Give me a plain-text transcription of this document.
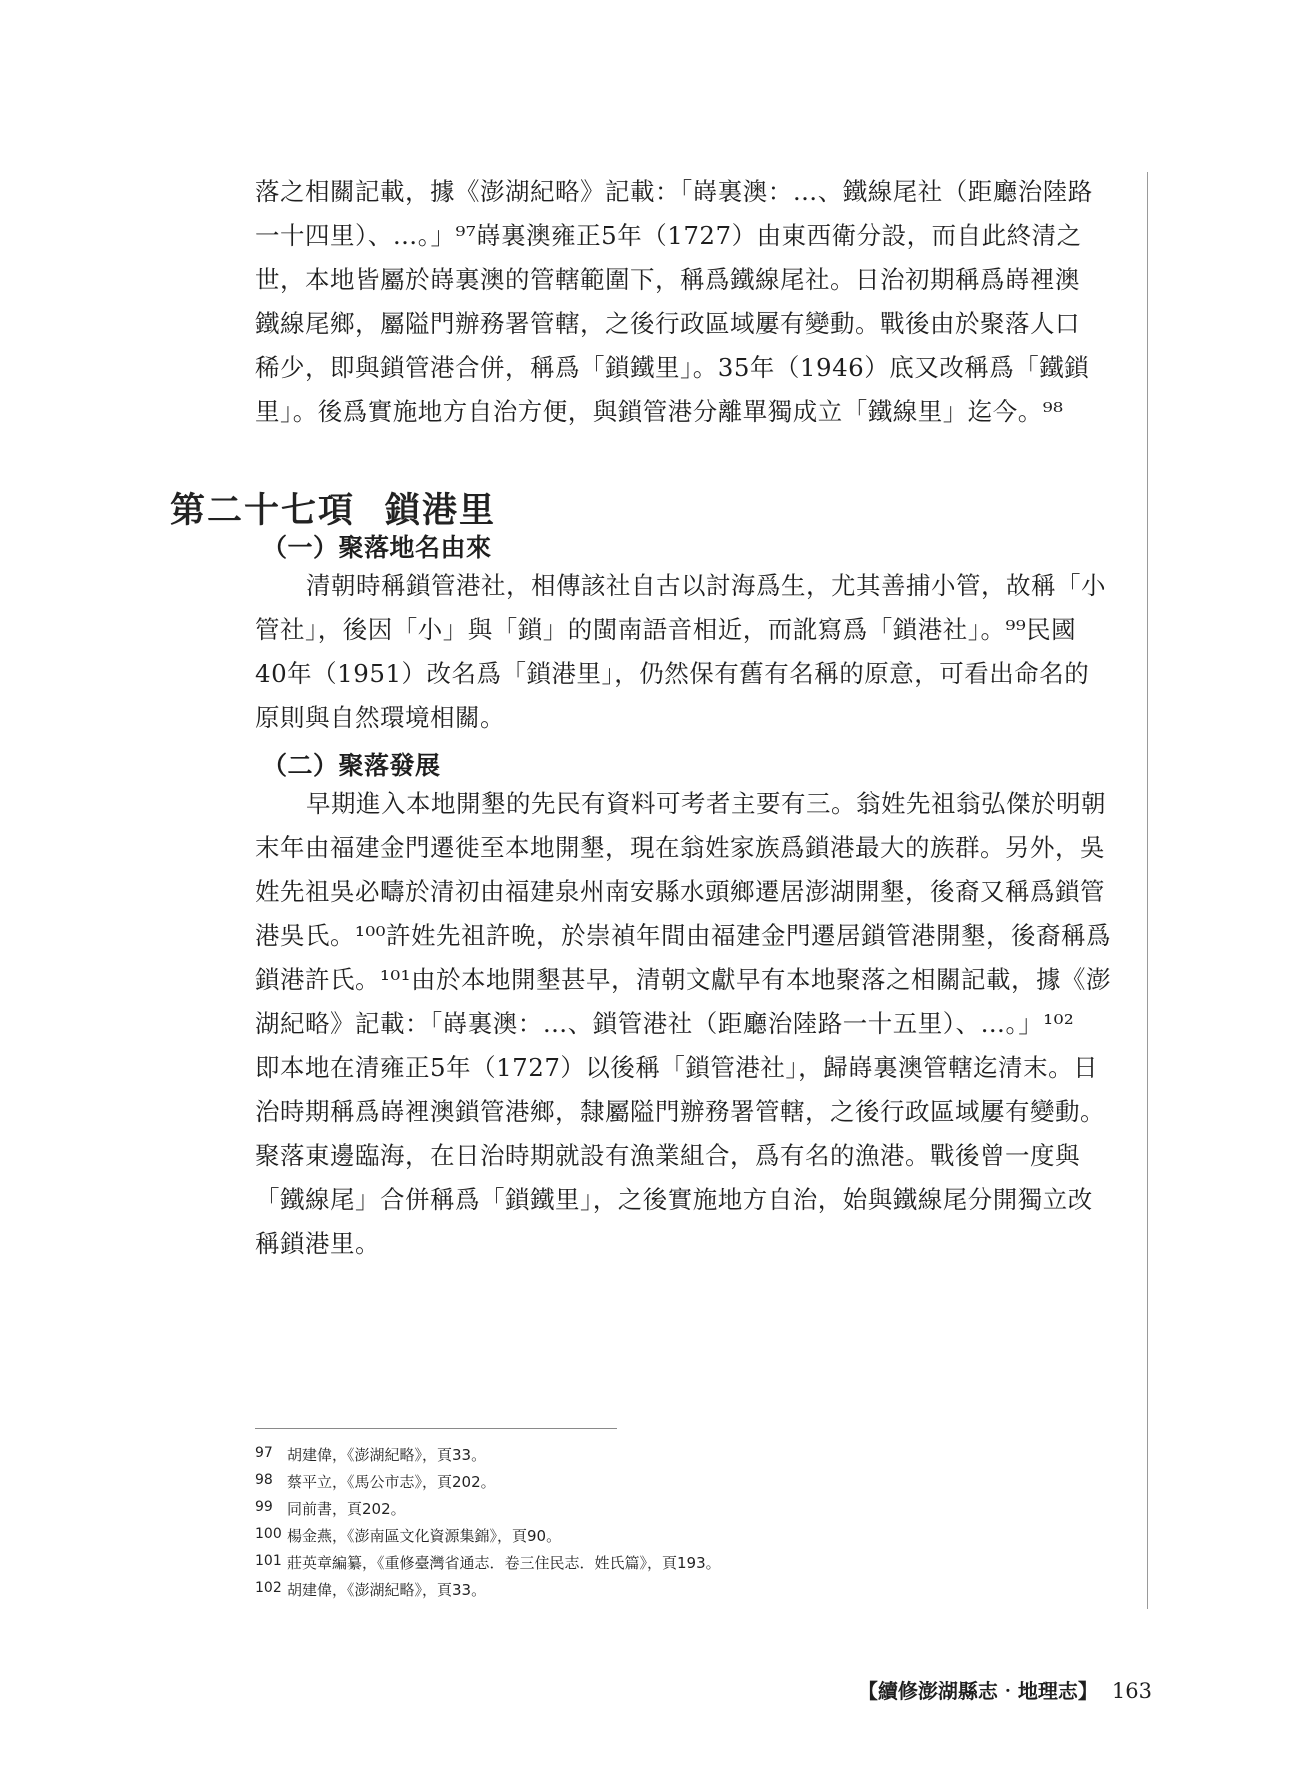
落之相關記載，據《澎湖紀略》記載：「嵵裏澳：…、鐵線尾社（距廳治陸路
一十四里）、…。」⁹⁷嵵裏澳雍正5年（1727）由東西衛分設，而自此終清之
世，本地皆屬於嵵裏澳的管轄範圍下，稱爲鐵線尾社。日治初期稱爲嵵裡澳
鐵線尾鄉，屬隘門辦務署管轄，之後行政區域屢有變動。戰後由於聚落人口
稀少，即與鎖管港合併，稱爲「鎖鐵里」。35年（1946）底又改稱爲「鐵鎖
里」。後爲實施地方自治方便，與鎖管港分離單獨成立「鐵線里」迄今。⁹⁸
第二十七項 鎖港里
（一）聚落地名由來
清朝時稱鎖管港社，相傳該社自古以討海爲生，尤其善捕小管，故稱「小
管社」，後因「小」與「鎖」的閩南語音相近，而訛寫爲「鎖港社」。⁹⁹民國
40年（1951）改名爲「鎖港里」，仍然保有舊有名稱的原意，可看出命名的
原則與自然環境相關。
（二）聚落發展
早期進入本地開墾的先民有資料可考者主要有三。翁姓先祖翁弘傑於明朝
末年由福建金門遷徙至本地開墾，現在翁姓家族爲鎖港最大的族群。另外，吳
姓先祖吳必疇於清初由福建泉州南安縣水頭鄉遷居澎湖開墾，後裔又稱爲鎖管
港吳氏。¹⁰⁰許姓先祖許晩，於崇禎年間由福建金門遷居鎖管港開墾，後裔稱爲
鎖港許氏。¹⁰¹由於本地開墾甚早，清朝文獻早有本地聚落之相關記載，據《澎
湖紀略》記載：「嵵裏澳：…、鎖管港社（距廳治陸路一十五里）、…。」¹⁰²
即本地在清雍正5年（1727）以後稱「鎖管港社」，歸嵵裏澳管轄迄清末。日
治時期稱爲嵵裡澳鎖管港鄉，隸屬隘門辦務署管轄，之後行政區域屢有變動。
聚落東邊臨海，在日治時期就設有漁業組合，爲有名的漁港。戰後曾一度與
「鐵線尾」合併稱爲「鎖鐵里」，之後實施地方自治，始與鐵線尾分開獨立改
稱鎖港里。
97 胡建偉，《澎湖紀略》，頁33。
98 蔡平立，《馬公市志》，頁202。
99 同前書，頁202。
100 楊金燕，《澎南區文化資源集錦》，頁90。
101 莊英章編纂，《重修臺灣省通志．卷三住民志．姓氏篇》，頁193。
102 胡建偉，《澎湖紀略》，頁33。
【續修澎湖縣志‧地理志】 163
